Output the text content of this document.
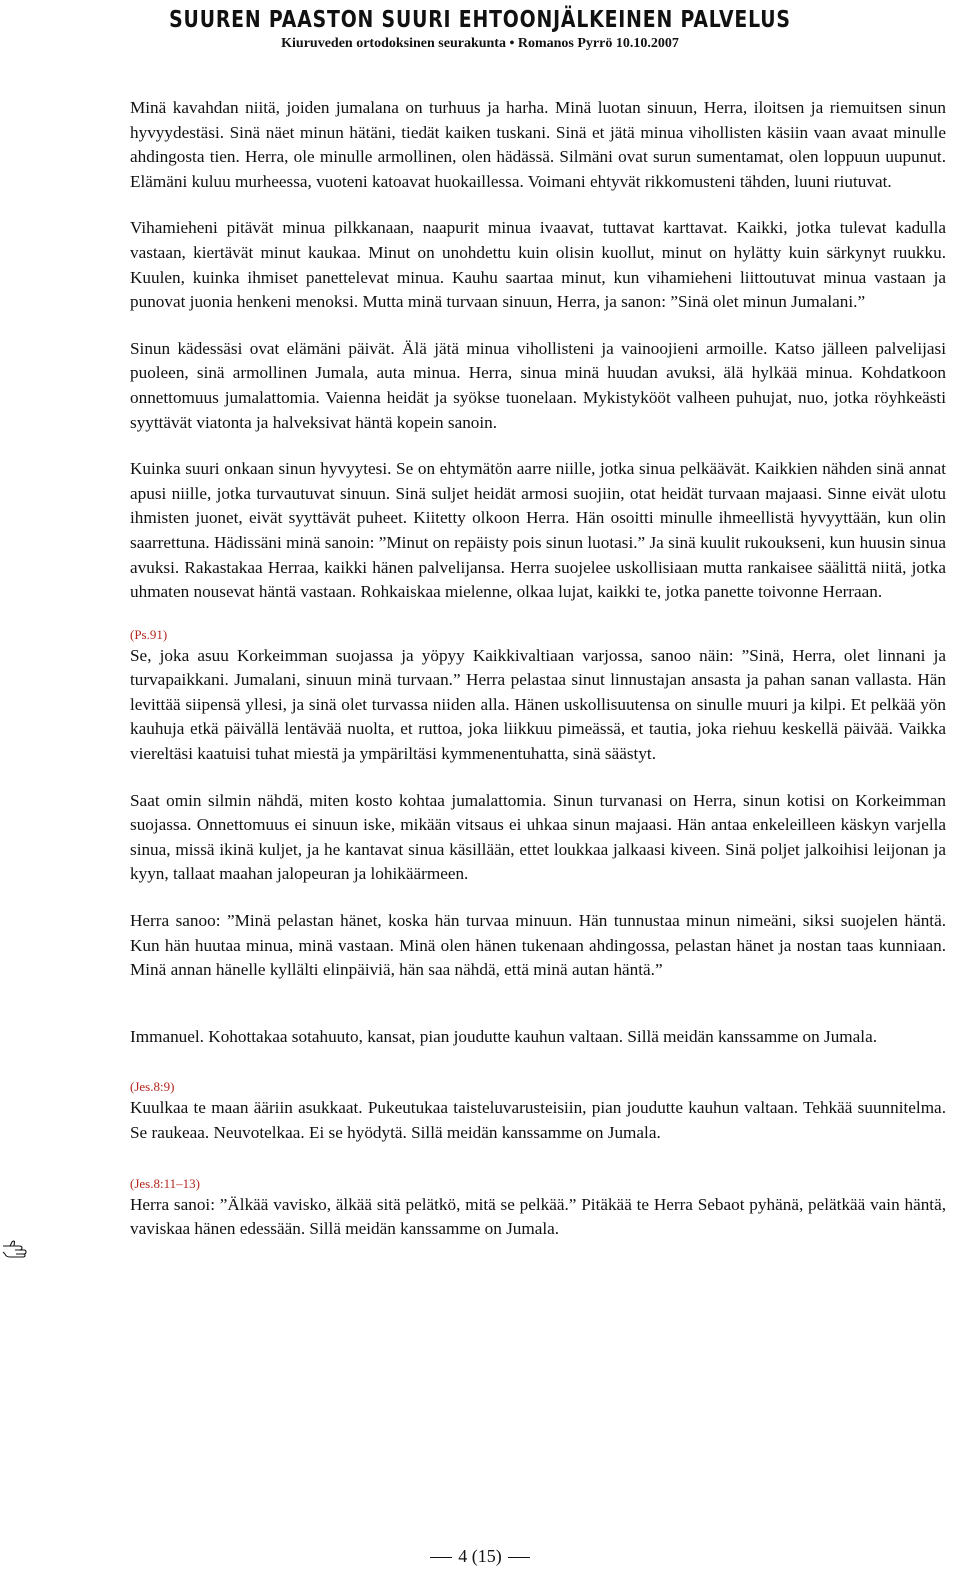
SUUREN PAASTON SUURI EHTOONJÄLKEINEN PALVELUS
Kiuruveden ortodoksinen seurakunta • Romanos Pyrrö 10.10.2007

Minä kavahdan niitä, joiden jumalana on turhuus ja harha. Minä luotan sinuun, Herra, iloitsen ja riemuitsen sinun hyvyydestäsi. Sinä näet minun hätäni, tiedät kaiken tuskani. Sinä et jätä minua vihollisten käsiin vaan avaat minulle ahdingosta tien. Herra, ole minulle armollinen, olen hädässä. Silmäni ovat surun sumentamat, olen loppuun uupunut. Elämäni kuluu murheessa, vuoteni katoavat huokaillessa. Voimani ehtyvät rikkomusteni tähden, luuni riutuvat.

Vihamieheni pitävät minua pilkkanaan, naapurit minua ivaavat, tuttavat karttavat. Kaikki, jotka tulevat kadulla vastaan, kiertävät minut kaukaa. Minut on unohdettu kuin olisin kuollut, minut on hylätty kuin särkynyt ruukku. Kuulen, kuinka ihmiset panettelevat minua. Kauhu saartaa minut, kun vihamieheni liittoutuvat minua vastaan ja punovat juonia henkeni menoksi. Mutta minä turvaan sinuun, Herra, ja sanon: ”Sinä olet minun Jumalani.”

Sinun kädessäsi ovat elämäni päivät. Älä jätä minua vihollisteni ja vainoojieni armoille. Katso jälleen palvelijasi puoleen, sinä armollinen Jumala, auta minua. Herra, sinua minä huudan avuksi, älä hylkää minua. Kohdatkoon onnettomuus jumalattomia. Vaienna heidät ja syökse tuonelaan. Mykistykööt valheen puhujat, nuo, jotka röyhkeästi syyttävät viatonta ja halveksivat häntä kopein sanoin.

Kuinka suuri onkaan sinun hyvyytesi. Se on ehtymätön aarre niille, jotka sinua pelkäävät. Kaikkien nähden sinä annat apusi niille, jotka turvautuvat sinuun. Sinä suljet heidät armosi suojiin, otat heidät turvaan majaasi. Sinne eivät ulotu ihmisten juonet, eivät syyttävät puheet. Kiitetty olkoon Herra. Hän osoitti minulle ihmeellistä hyvyyttään, kun olin saarrettuna. Hädissäni minä sanoin: ”Minut on repäisty pois sinun luotasi.” Ja sinä kuulit rukoukseni, kun huusin sinua avuksi. Rakastakaa Herraa, kaikki hänen palvelijansa. Herra suojelee uskollisiaan mutta rankaisee säälittä niitä, jotka uhmaten nousevat häntä vastaan. Rohkaiskaa mielenne, olkaa lujat, kaikki te, jotka panette toivonne Herraan.

(Ps.91)

Se, joka asuu Korkeimman suojassa ja yöpyy Kaikkivaltiaan varjossa, sanoo näin: ”Sinä, Herra, olet linnani ja turvapaikkani. Jumalani, sinuun minä turvaan.” Herra pelastaa sinut linnustajan ansasta ja pahan sanan vallasta. Hän levittää siipensä yllesi, ja sinä olet turvassa niiden alla. Hänen uskollisuutensa on sinulle muuri ja kilpi. Et pelkää yön kauhuja etkä päivällä lentävää nuolta, et ruttoa, joka liikkuu pimeässä, et tautia, joka riehuu keskellä päivää. Vaikka viereltäsi kaatuisi tuhat miestä ja ympäriltäsi kymmenentuhatta, sinä säästyt.

Saat omin silmin nähdä, miten kosto kohtaa jumalattomia. Sinun turvanasi on Herra, sinun kotisi on Korkeimman suojassa. Onnettomuus ei sinuun iske, mikään vitsaus ei uhkaa sinun majaasi. Hän antaa enkeleilleen käskyn varjella sinua, missä ikinä kuljet, ja he kantavat sinua käsillään, ettet loukkaa jalkaasi kiveen. Sinä poljet jalkoihisi leijonan ja kyyn, tallaat maahan jalopeuran ja lohikäärmeen.

Herra sanoo: ”Minä pelastan hänet, koska hän turvaa minuun. Hän tunnustaa minun nimeäni, siksi suojelen häntä. Kun hän huutaa minua, minä vastaan. Minä olen hänen tukenaan ahdingossa, pelastan hänet ja nostan taas kunniaan. Minä annan hänelle kyllälti elinpäiviä, hän saa nähdä, että minä autan häntä.”

Immanuel. Kohottakaa sotahuuto, kansat, pian joudutte kauhun valtaan. Sillä meidän kanssamme on Jumala.

(Jes.8:9)

Kuulkaa te maan ääriin asukkaat. Pukeutukaa taisteluvarusteisiin, pian joudutte kauhun valtaan. Tehkää suunnitelma. Se raukeaa. Neuvotelkaa. Ei se hyödytä. Sillä meidän kanssamme on Jumala.

(Jes.8:11–13)

Herra sanoi: ”Älkää vavisko, älkää sitä pelätkö, mitä se pelkää.” Pitäkää te Herra Sebaot pyhänä, pelätkää vain häntä, vaviskaa hänen edessään. Sillä meidän kanssamme on Jumala.

4 (15)
